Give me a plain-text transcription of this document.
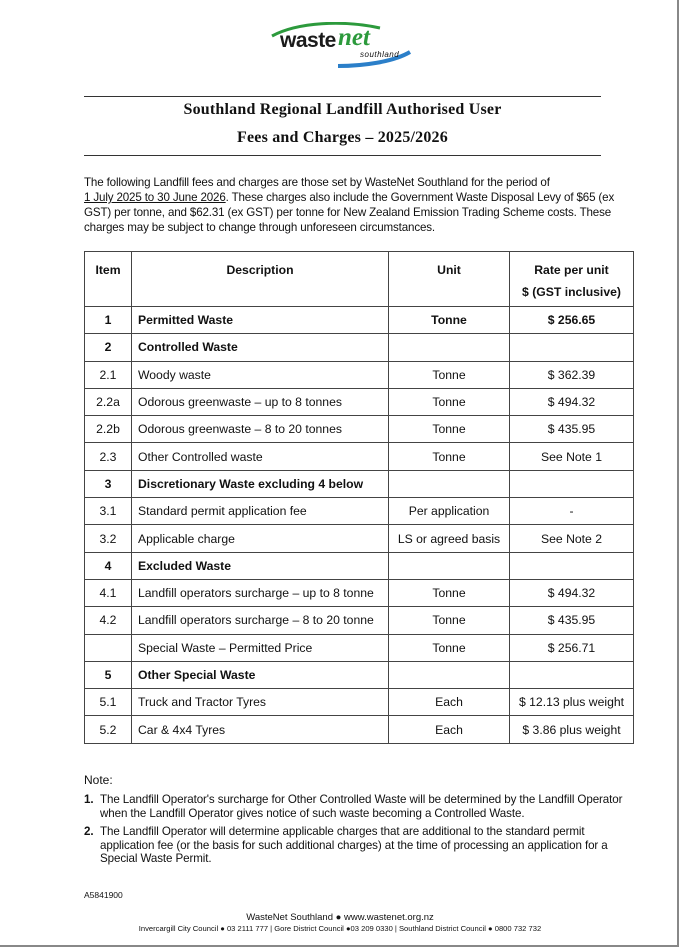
waste net
southland
Southland Regional Landfill Authorised User
Fees and Charges – 2025/2026
The following Landfill fees and charges are those set by WasteNet Southland for the period of
1 July 2025 to 30 June 2026. These charges also include the Government Waste Disposal Levy of $65 (ex GST) per tonne, and $62.31 (ex GST) per tonne for New Zealand Emission Trading Scheme costs. These charges may be subject to change through unforeseen circumstances.
Item	Description	Unit	Rate per unit
$ (GST inclusive)
1	Permitted Waste	Tonne	$ 256.65
2	Controlled Waste		
2.1	Woody waste	Tonne	$ 362.39
2.2a	Odorous greenwaste – up to 8 tonnes	Tonne	$ 494.32
2.2b	Odorous greenwaste – 8 to 20 tonnes	Tonne	$ 435.95
2.3	Other Controlled waste	Tonne	See Note 1
3	Discretionary Waste excluding 4 below		
3.1	Standard permit application fee	Per application	-
3.2	Applicable charge	LS or agreed basis	See Note 2
4	Excluded Waste		
4.1	Landfill operators surcharge – up to 8 tonne	Tonne	$ 494.32
4.2	Landfill operators surcharge – 8 to 20 tonne	Tonne	$ 435.95
	Special Waste – Permitted Price	Tonne	$ 256.71
5	Other Special Waste		
5.1	Truck and Tractor Tyres	Each	$ 12.13 plus weight
5.2	Car & 4x4 Tyres	Each	$ 3.86 plus weight
Note:
1. The Landfill Operator's surcharge for Other Controlled Waste will be determined by the Landfill Operator when the Landfill Operator gives notice of such waste becoming a Controlled Waste.
2. The Landfill Operator will determine applicable charges that are additional to the standard permit application fee (or the basis for such additional charges) at the time of processing an application for a Special Waste Permit.
A5841900
WasteNet Southland ● www.wastenet.org.nz
Invercargill City Council ● 03 2111 777 | Gore District Council ●03 209 0330 | Southland District Council ● 0800 732 732
